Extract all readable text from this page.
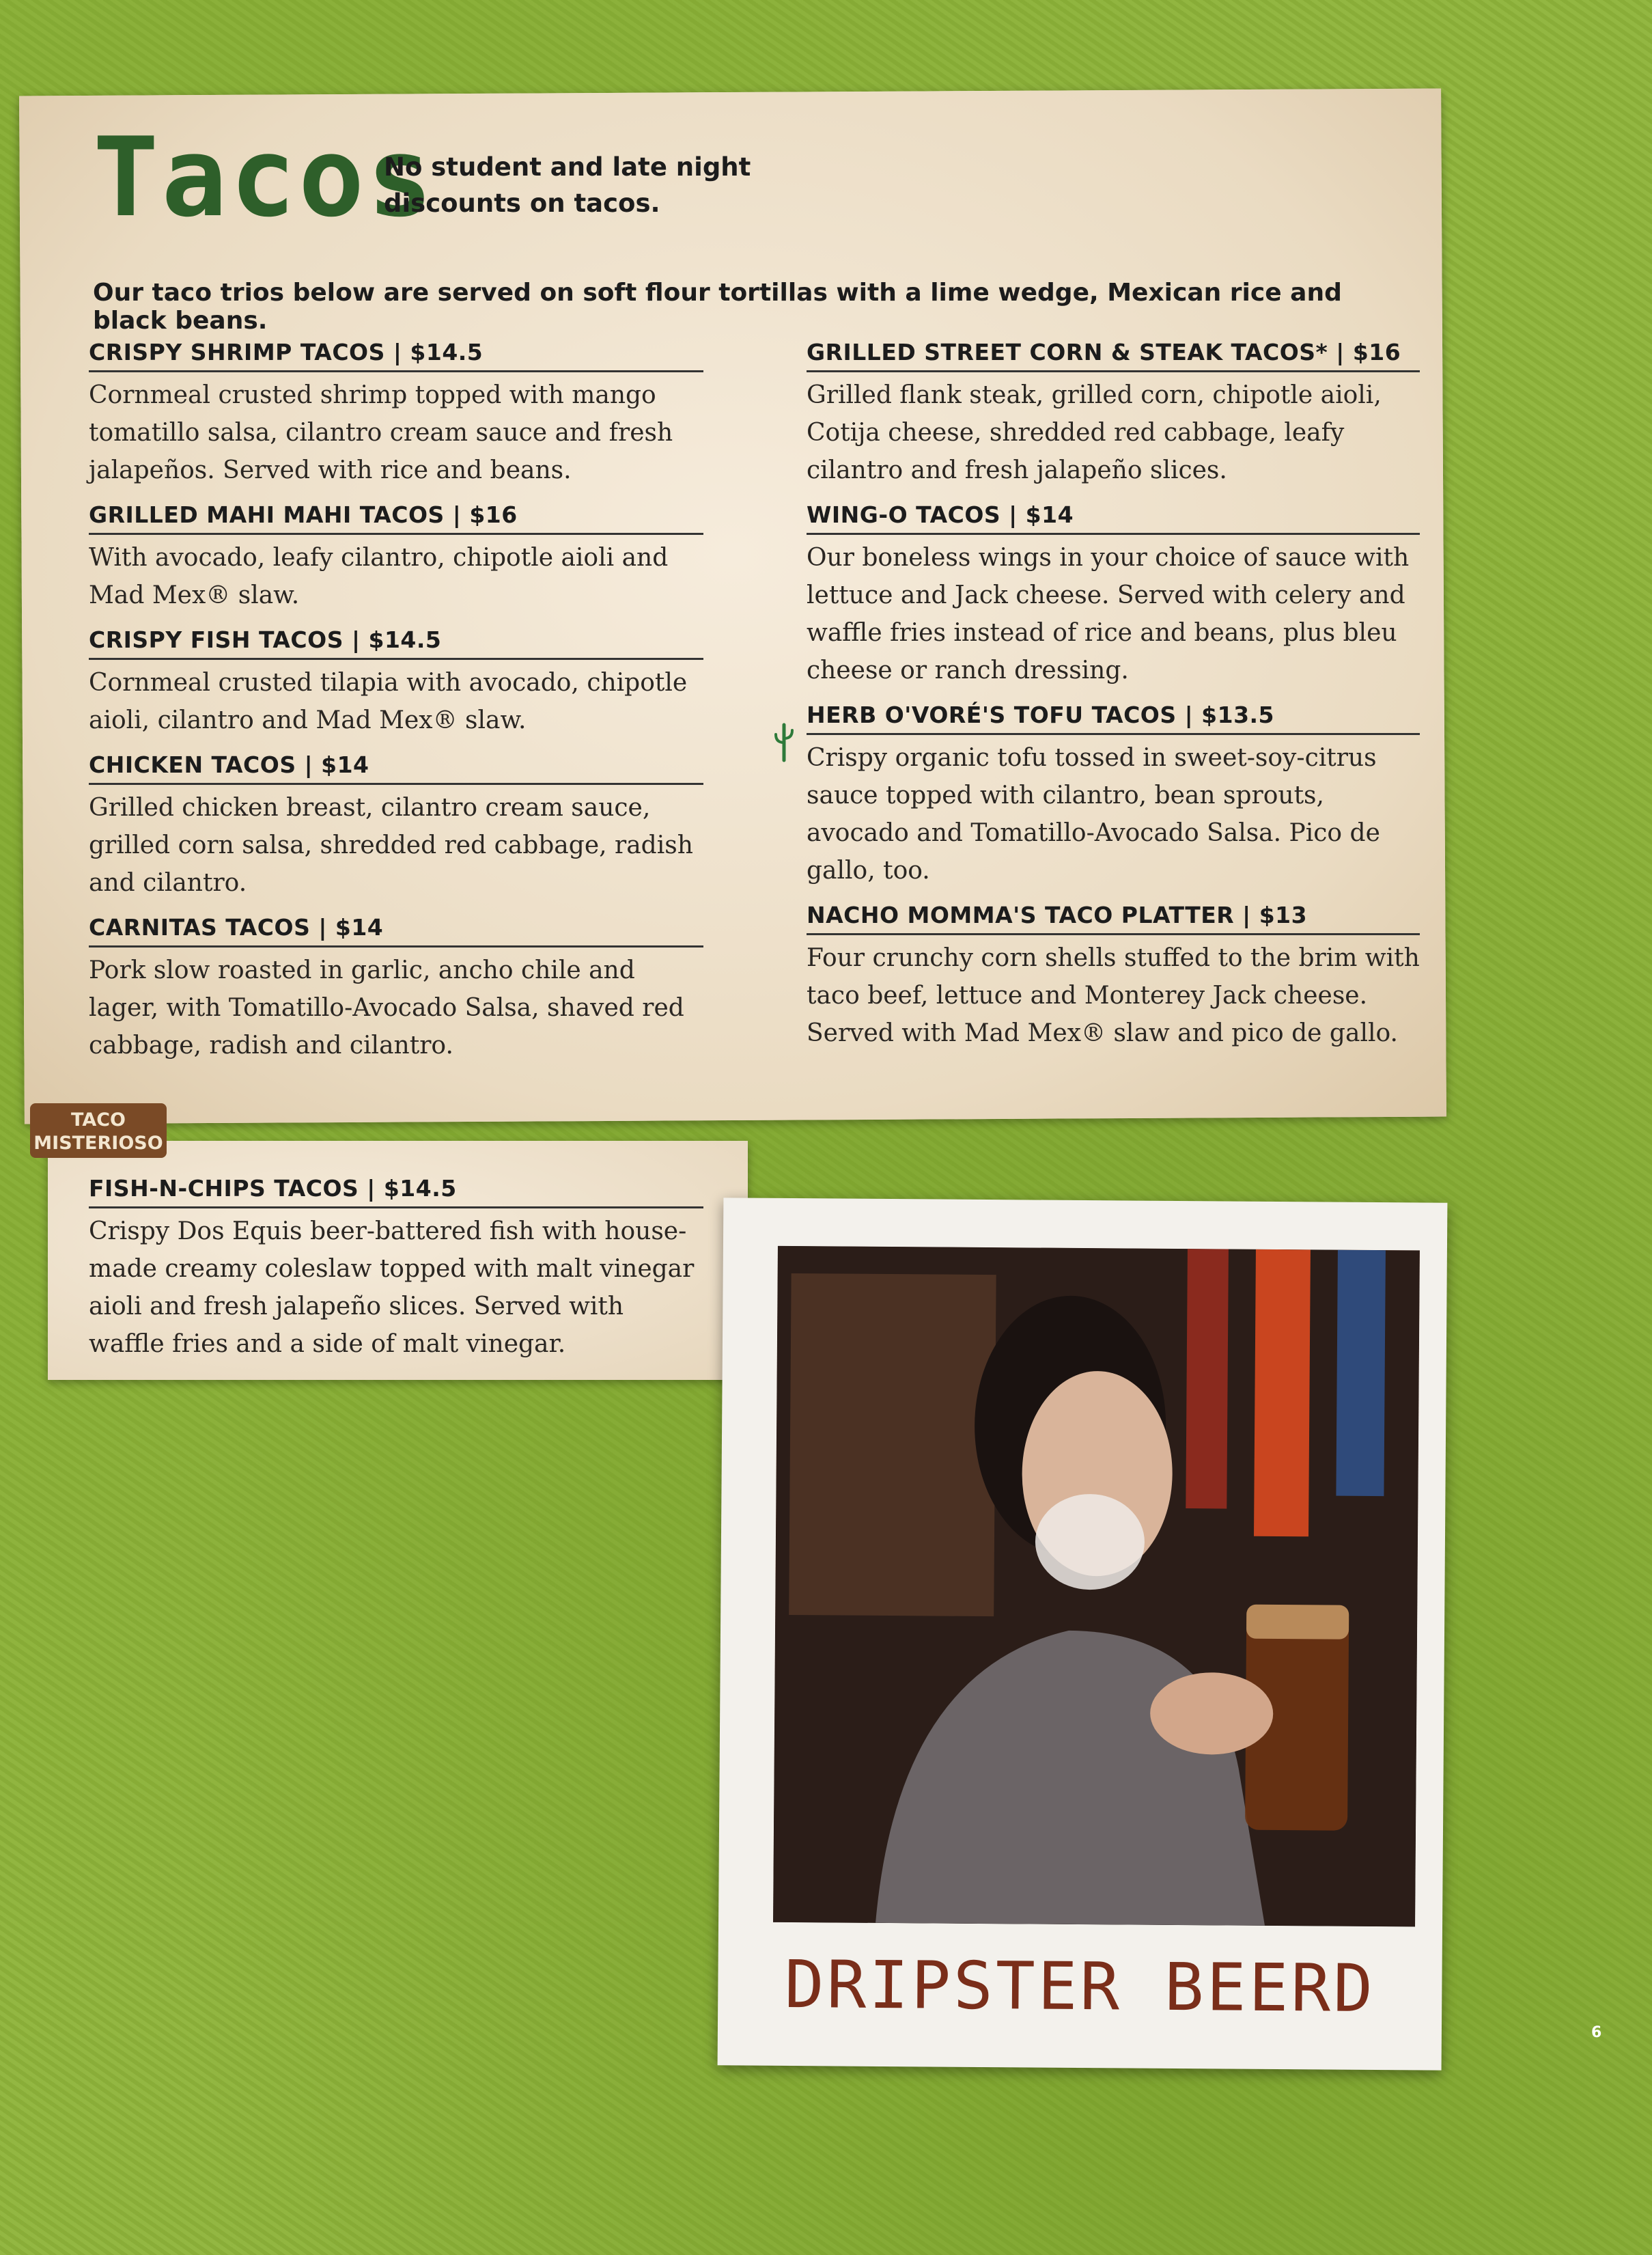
Tacos
No student and late night discounts on tacos.
Our taco trios below are served on soft flour tortillas with a lime wedge, Mexican rice and black beans.
CRISPY SHRIMP TACOS | $14.5
Cornmeal crusted shrimp topped with mango tomatillo salsa, cilantro cream sauce and fresh jalapeños. Served with rice and beans.
GRILLED MAHI MAHI TACOS | $16
With avocado, leafy cilantro, chipotle aioli and Mad Mex® slaw.
CRISPY FISH TACOS | $14.5
Cornmeal crusted tilapia with avocado, chipotle aioli, cilantro and Mad Mex® slaw.
CHICKEN TACOS | $14
Grilled chicken breast, cilantro cream sauce, grilled corn salsa, shredded red cabbage, radish and cilantro.
CARNITAS TACOS | $14
Pork slow roasted in garlic, ancho chile and lager, with Tomatillo-Avocado Salsa, shaved red cabbage, radish and cilantro.
GRILLED STREET CORN & STEAK TACOS* | $16
Grilled flank steak, grilled corn, chipotle aioli, Cotija cheese, shredded red cabbage, leafy cilantro and fresh jalapeño slices.
WING-O TACOS | $14
Our boneless wings in your choice of sauce with lettuce and Jack cheese. Served with celery and waffle fries instead of rice and beans, plus bleu cheese or ranch dressing.
HERB O'VORÉ'S TOFU TACOS | $13.5
Crispy organic tofu tossed in sweet-soy-citrus sauce topped with cilantro, bean sprouts, avocado and Tomatillo-Avocado Salsa. Pico de gallo, too.
NACHO MOMMA'S TACO PLATTER | $13
Four crunchy corn shells stuffed to the brim with taco beef, lettuce and Monterey Jack cheese. Served with Mad Mex® slaw and pico de gallo.
TACO
MISTERIOSO
FISH-N-CHIPS TACOS | $14.5
Crispy Dos Equis beer-battered fish with house-made creamy coleslaw topped with malt vinegar aioli and fresh jalapeño slices. Served with waffle fries and a side of malt vinegar.
DRIPSTER BEERD
6
